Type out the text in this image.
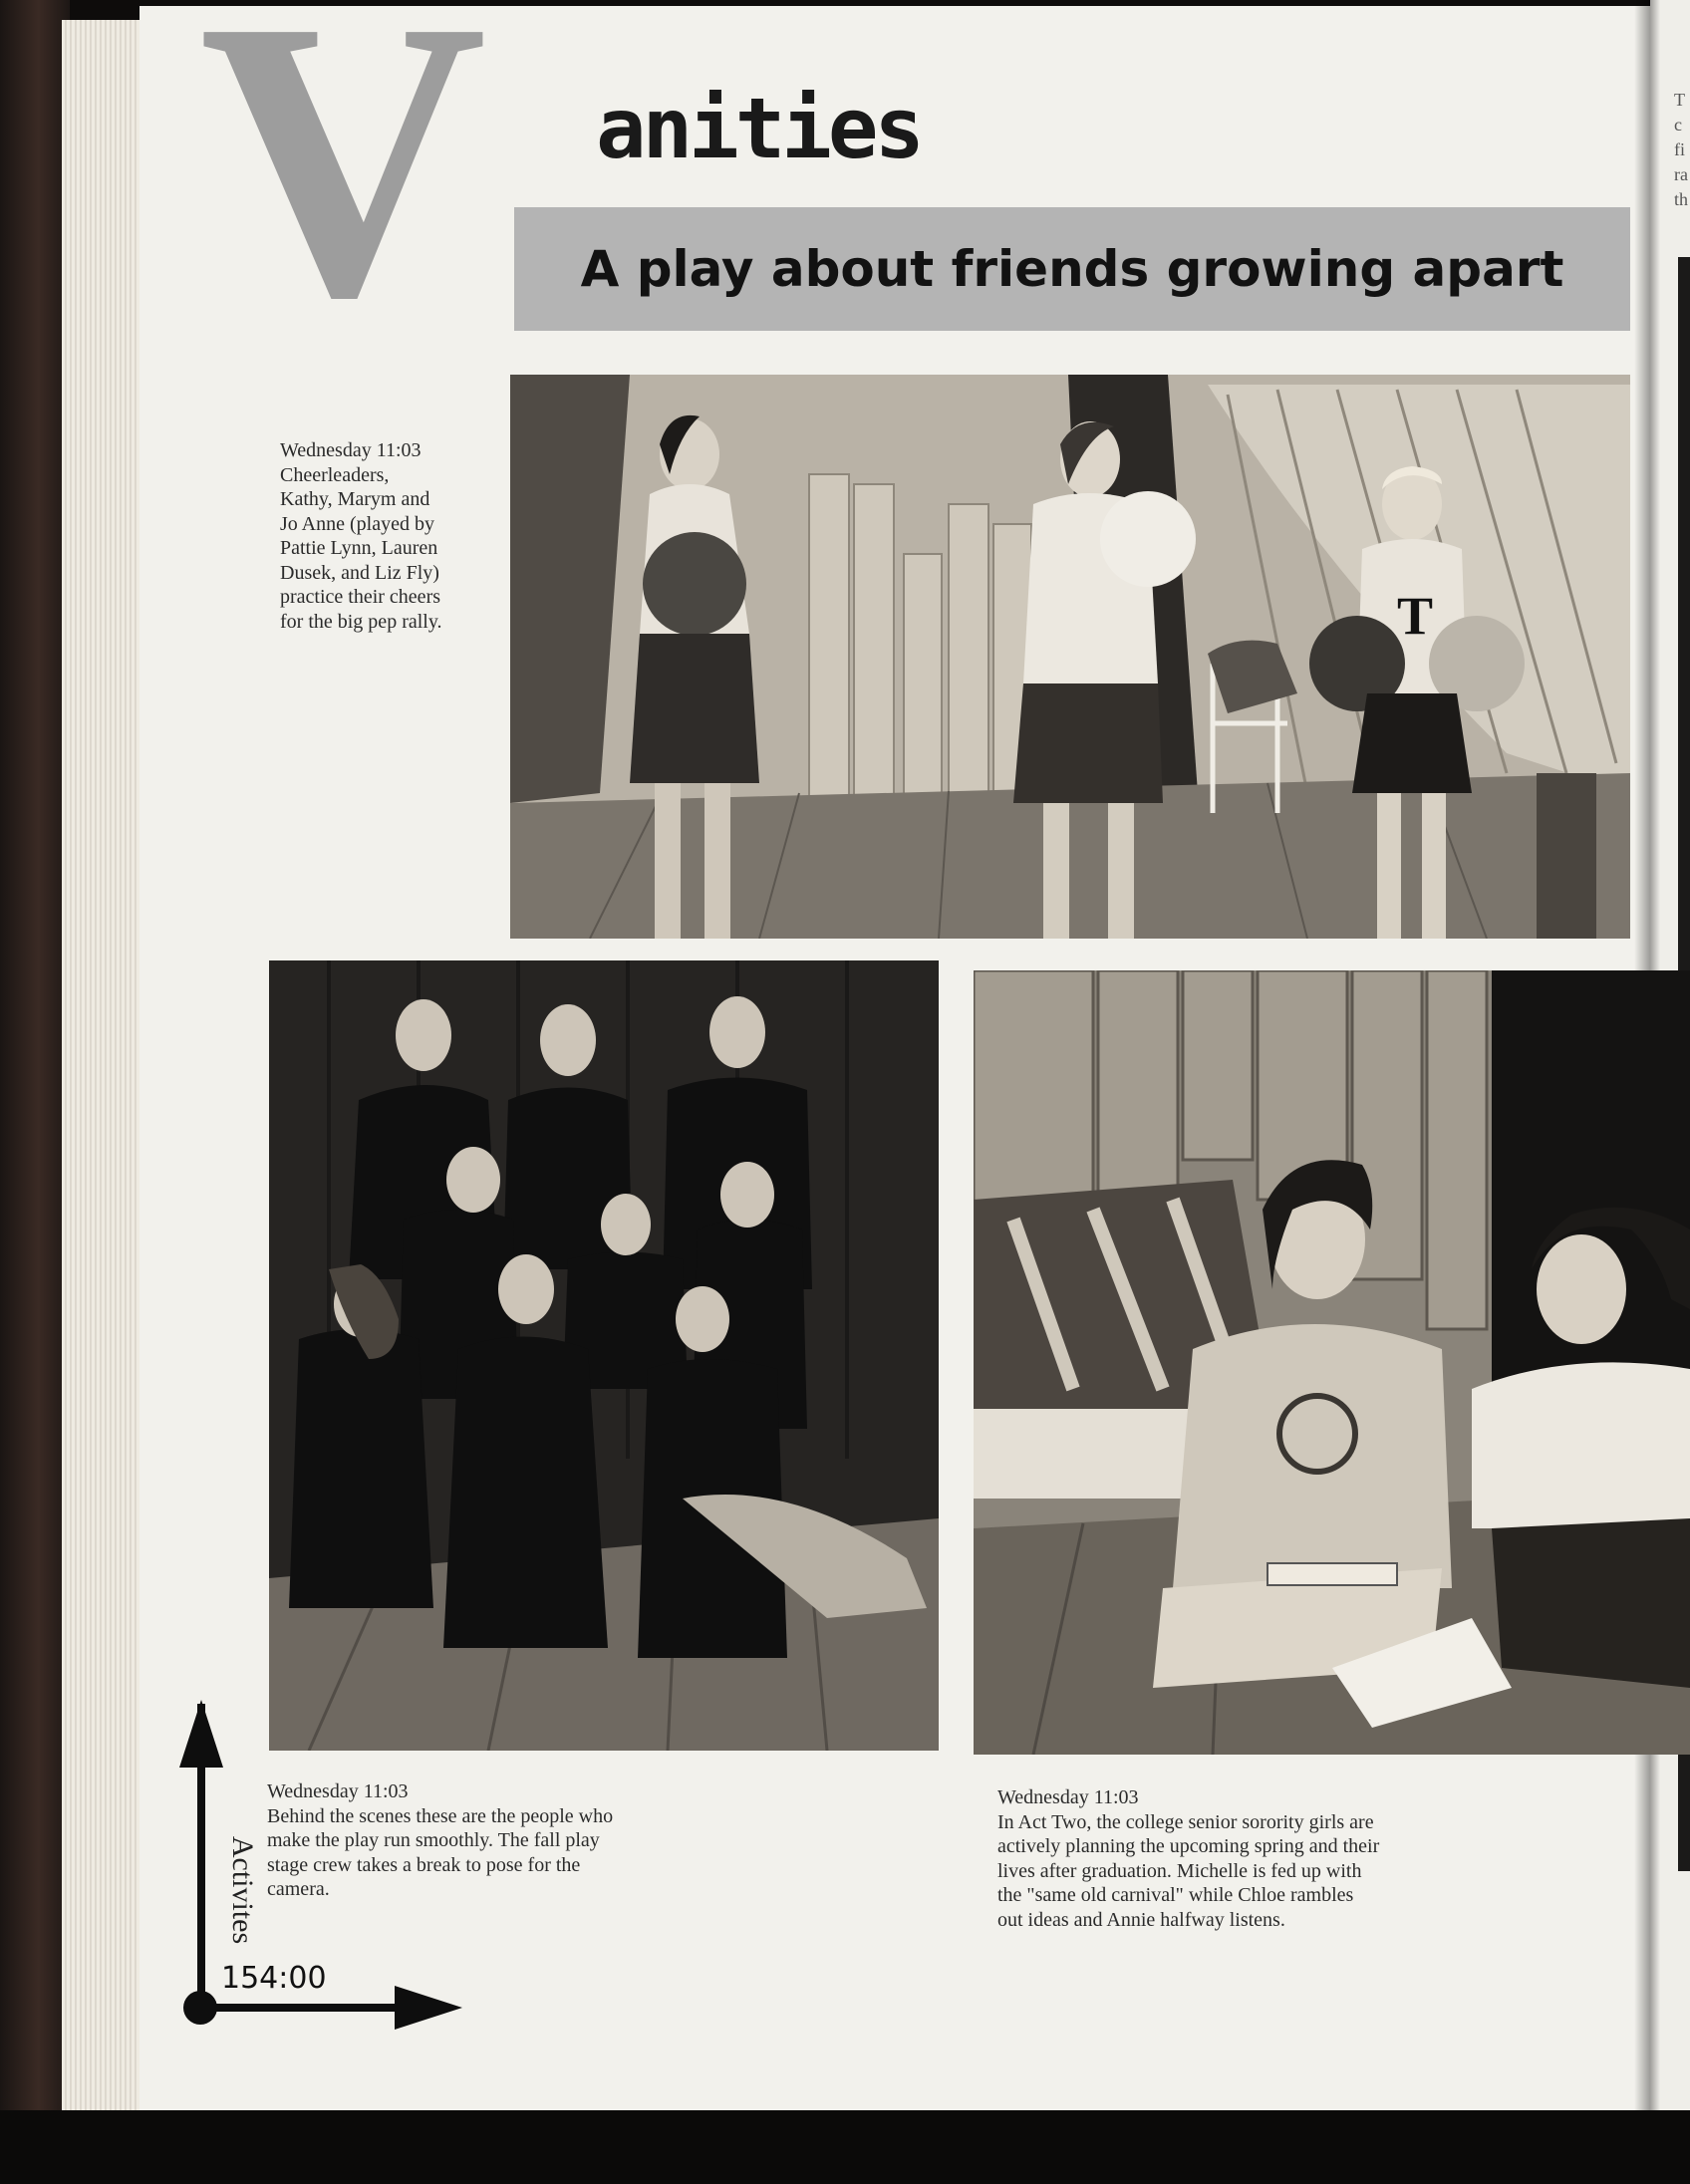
T
c
fi
ra
th
V anities
A play about friends growing apart
T
Wednesday 11:03
Cheerleaders,
Kathy, Marym and
Jo Anne (played by
Pattie Lynn, Lauren
Dusek, and Liz Fly)
practice their cheers
for the big pep rally.
Wednesday 11:03
Behind the scenes these are the people who
make the play run smoothly. The fall play
stage crew takes a break to pose for the
camera.
Wednesday 11:03
In Act Two, the college senior sorority girls are
actively planning the upcoming spring and their
lives after graduation. Michelle is fed up with
the "same old carnival" while Chloe rambles
out ideas and Annie halfway listens.
Activites
154:00
